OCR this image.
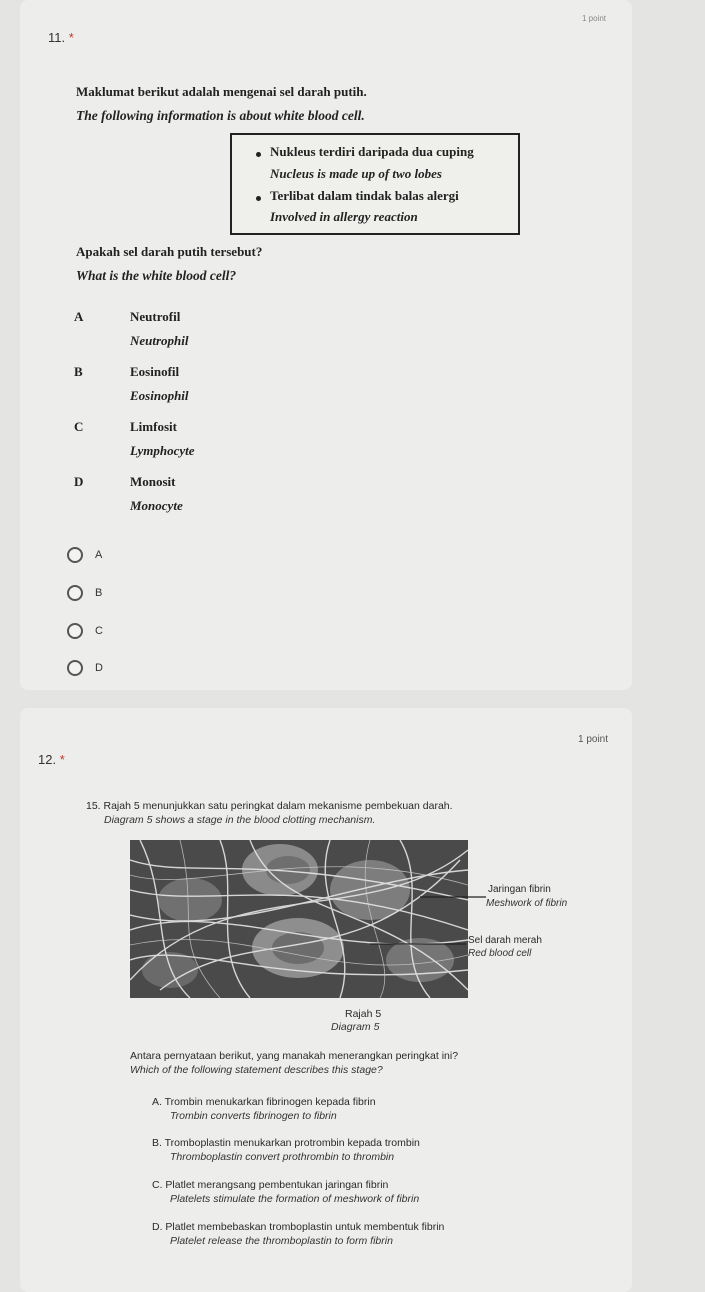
11. *
1 point
Maklumat berikut adalah mengenai sel darah putih.
The following information is about white blood cell.
Nukleus terdiri daripada dua cuping
Nucleus is made up of two lobes
Terlibat dalam tindak balas alergi
Involved in allergy reaction
Apakah sel darah putih tersebut?
What is the white blood cell?
A	Neutrofil
Neutrophil
B	Eosinofil
Eosinophil
C	Limfosit
Lymphocyte
D	Monosit
Monocyte
A
B
C
D
12. *
1 point
15. Rajah 5 menunjukkan satu peringkat dalam mekanisme pembekuan darah.
Diagram 5 shows a stage in the blood clotting mechanism.
Jaringan fibrin
Meshwork of fibrin
Sel darah merah
Red blood cell
Rajah 5
Diagram 5
Antara pernyataan berikut, yang manakah menerangkan peringkat ini?
Which of the following statement describes this stage?
A. Trombin menukarkan fibrinogen kepada fibrin
Trombin converts fibrinogen to fibrin
B. Tromboplastin menukarkan protrombin kepada trombin
Thromboplastin convert prothrombin to thrombin
C. Platlet merangsang pembentukan jaringan fibrin
Platelets stimulate the formation of meshwork of fibrin
D. Platlet membebaskan tromboplastin untuk membentuk fibrin
Platelet release the thromboplastin to form fibrin
